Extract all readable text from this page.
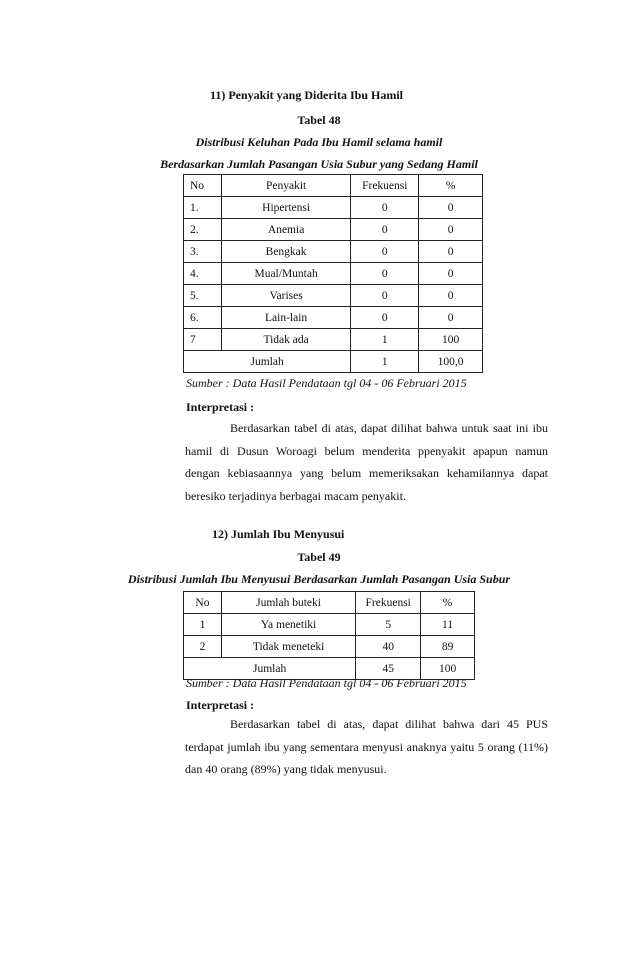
11) Penyakit yang Diderita Ibu Hamil
Tabel 48
Distribusi Keluhan Pada Ibu Hamil selama hamil
Berdasarkan Jumlah Pasangan Usia Subur yang Sedang Hamil
No	Penyakit	Frekuensi	%
1.	Hipertensi	0	0
2.	Anemia	0	0
3.	Bengkak	0	0
4.	Mual/Muntah	0	0
5.	Varises	0	0
6.	Lain-lain	0	0
7	Tidak ada	1	100
Jumlah		1	100,0
Sumber : Data Hasil Pendataan tgl 04 - 06 Februari 2015
Interpretasi :

Berdasarkan tabel di atas, dapat dilihat bahwa untuk saat ini ibu hamil di Dusun Woroagi belum menderita ppenyakit apapun namun dengan kebiasaannya yang belum memeriksakan kehamilannya dapat beresiko terjadinya berbagai macam penyakit.

12) Jumlah Ibu Menyusui
Tabel 49
Distribusi Jumlah Ibu Menyusui Berdasarkan Jumlah Pasangan Usia Subur
No	Jumlah buteki	Frekuensi	%
1	Ya menetiki	5	11
2	Tidak meneteki	40	89
Jumlah		45	100
Sumber : Data Hasil Pendataan tgl 04 - 06 Februari 2015
Interpretasi :

Berdasarkan tabel di atas, dapat dilihat bahwa dari 45 PUS terdapat jumlah ibu yang sementara menyusi anaknya yaitu 5 orang (11%) dan 40 orang (89%) yang tidak menyusui.
